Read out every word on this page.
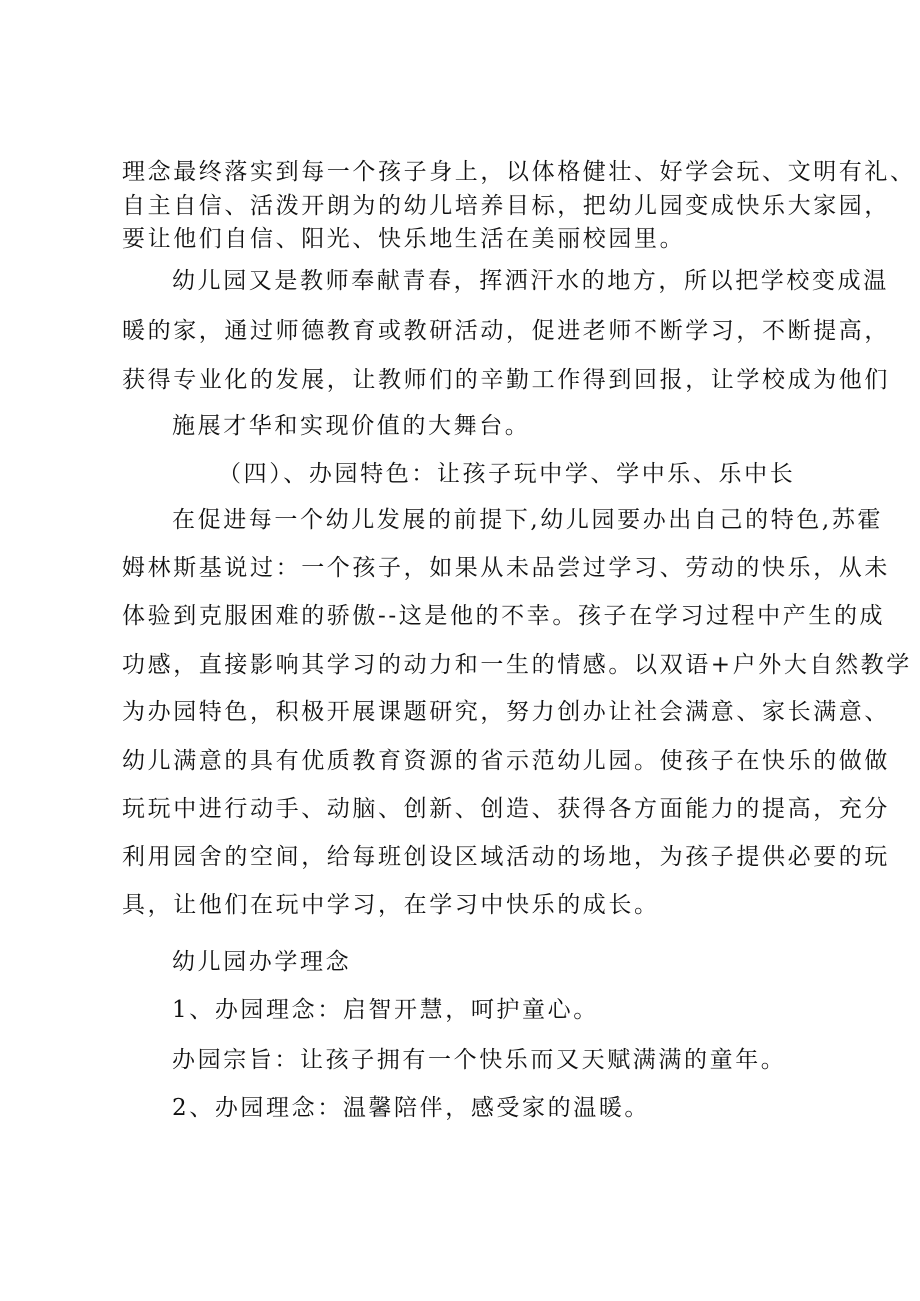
理念最终落实到每一个孩子身上，以体格健壮、好学会玩、文明有礼、
自主自信、活泼开朗为的幼儿培养目标，把幼儿园变成快乐大家园，
要让他们自信、阳光、快乐地生活在美丽校园里。
幼儿园又是教师奉献青春，挥洒汗水的地方，所以把学校变成温
暖的家，通过师德教育或教研活动，促进老师不断学习，不断提高，
获得专业化的发展，让教师们的辛勤工作得到回报，让学校成为他们
施展才华和实现价值的大舞台。
（四）、办园特色：让孩子玩中学、学中乐、乐中长
在促进每一个幼儿发展的前提下,幼儿园要办出自己的特色,苏霍
姆林斯基说过：一个孩子，如果从未品尝过学习、劳动的快乐，从未
体验到克服困难的骄傲--这是他的不幸。孩子在学习过程中产生的成
功感，直接影响其学习的动力和一生的情感。以双语+户外大自然教学
为办园特色，积极开展课题研究，努力创办让社会满意、家长满意、
幼儿满意的具有优质教育资源的省示范幼儿园。使孩子在快乐的做做
玩玩中进行动手、动脑、创新、创造、获得各方面能力的提高，充分
利用园舍的空间，给每班创设区域活动的场地，为孩子提供必要的玩
具，让他们在玩中学习，在学习中快乐的成长。
幼儿园办学理念
1、办园理念：启智开慧，呵护童心。
办园宗旨：让孩子拥有一个快乐而又天赋满满的童年。
2、办园理念：温馨陪伴，感受家的温暖。
